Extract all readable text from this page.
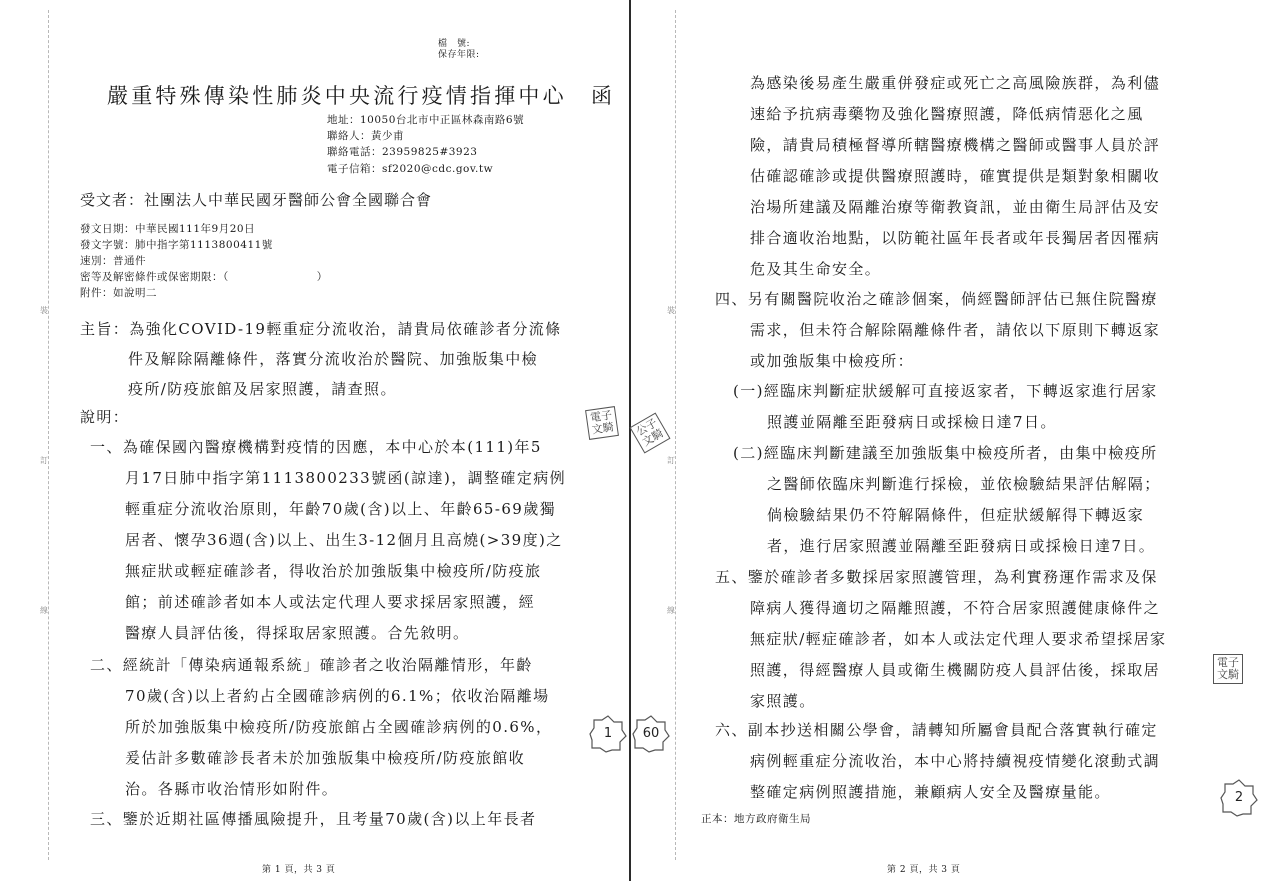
裝
訂
線
檔　號:
保存年限:
嚴重特殊傳染性肺炎中央流行疫情指揮中心　函
地址：10050台北市中正區林森南路6號
聯絡人：黃少甫
聯絡電話：23959825#3923
電子信箱：sf2020@cdc.gov.tw
受文者：社團法人中華民國牙醫師公會全國聯合會
發文日期：中華民國111年9月20日
發文字號：肺中指字第1113800411號
速別：普通件
密等及解密條件或保密期限：（　　　　　　　　）
附件：如說明二
主旨：為強化COVID-19輕重症分流收治，請貴局依確診者分流條
件及解除隔離條件，落實分流收治於醫院、加強版集中檢
疫所/防疫旅館及居家照護，請查照。
說明：
一、為確保國內醫療機構對疫情的因應，本中心於本(111)年5
月17日肺中指字第1113800233號函(諒達)，調整確定病例
輕重症分流收治原則，年齡70歲(含)以上、年齡65-69歲獨
居者、懷孕36週(含)以上、出生3-12個月且高燒(>39度)之
無症狀或輕症確診者，得收治於加強版集中檢疫所/防疫旅
館；前述確診者如本人或法定代理人要求採居家照護，經
醫療人員評估後，得採取居家照護。合先敘明。
二、經統計「傳染病通報系統」確診者之收治隔離情形，年齡
70歲(含)以上者約占全國確診病例的6.1%；依收治隔離場
所於加強版集中檢疫所/防疫旅館占全國確診病例的0.6%，
爰估計多數確診長者未於加強版集中檢疫所/防疫旅館收
治。各縣市收治情形如附件。
三、鑒於近期社區傳播風險提升，且考量70歲(含)以上年長者
第 1 頁，共 3 頁
電子文騎
1
裝
訂
線
為感染後易產生嚴重併發症或死亡之高風險族群，為利儘
速給予抗病毒藥物及強化醫療照護，降低病情惡化之風
險，請貴局積極督導所轄醫療機構之醫師或醫事人員於評
估確認確診或提供醫療照護時，確實提供是類對象相關收
治場所建議及隔離治療等衛教資訊，並由衛生局評估及安
排合適收治地點，以防範社區年長者或年長獨居者因罹病
危及其生命安全。
四、另有關醫院收治之確診個案，倘經醫師評估已無住院醫療
需求，但未符合解除隔離條件者，請依以下原則下轉返家
或加強版集中檢疫所：
(一)經臨床判斷症狀緩解可直接返家者，下轉返家進行居家
照護並隔離至距發病日或採檢日達7日。
(二)經臨床判斷建議至加強版集中檢疫所者，由集中檢疫所
之醫師依臨床判斷進行採檢，並依檢驗結果評估解隔；
倘檢驗結果仍不符解隔條件，但症狀緩解得下轉返家
者，進行居家照護並隔離至距發病日或採檢日達7日。
五、鑒於確診者多數採居家照護管理，為利實務運作需求及保
障病人獲得適切之隔離照護，不符合居家照護健康條件之
無症狀/輕症確診者，如本人或法定代理人要求希望採居家
照護，得經醫療人員或衛生機關防疫人員評估後，採取居
家照護。
六、副本抄送相關公學會，請轉知所屬會員配合落實執行確定
病例輕重症分流收治，本中心將持續視疫情變化滾動式調
整確定病例照護措施，兼顧病人安全及醫療量能。
正本：地方政府衛生局
第 2 頁，共 3 頁
公子文騎
電子文騎
60
2
